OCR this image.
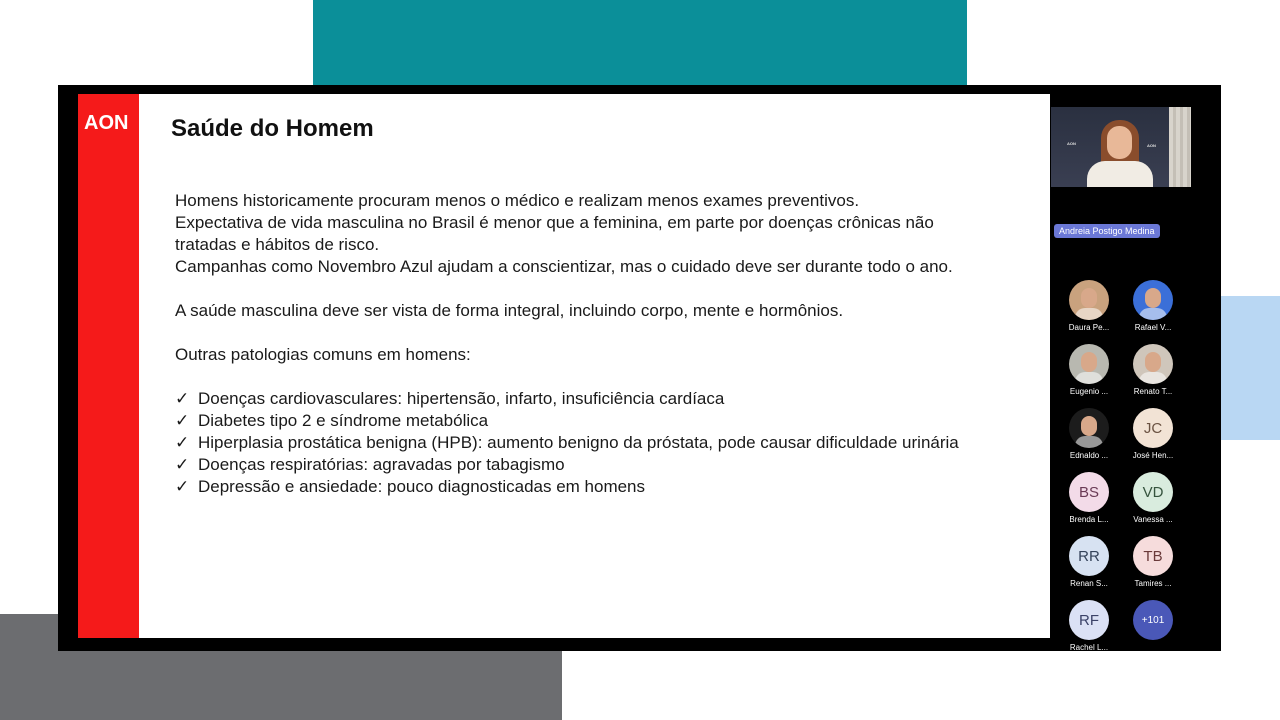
AON Saúde do Homem

Homens historicamente procuram menos o médico e realizam menos exames preventivos.

Expectativa de vida masculina no Brasil é menor que a feminina, em parte por doenças crônicas não tratadas e hábitos de risco.

Campanhas como Novembro Azul ajudam a conscientizar, mas o cuidado deve ser durante todo o ano.

A saúde masculina deve ser vista de forma integral, incluindo corpo, mente e hormônios.

Outras patologias comuns em homens:

✓ Doenças cardiovasculares: hipertensão, infarto, insuficiência cardíaca
✓ Diabetes tipo 2 e síndrome metabólica
✓ Hiperplasia prostática benigna (HPB): aumento benigno da próstata, pode causar dificuldade urinária
✓ Doenças respiratórias: agravadas por tabagismo
✓ Depressão e ansiedade: pouco diagnosticadas em homens
AON	AON
Andreia Postigo Medina
Daura Pe...	Rafael V...
Eugenio ...	Renato T...
Ednaldo ...
JC
José Hen...
BS
Brenda L...
VD
Vanessa ...
RR
Renan S...
TB
Tamires ...
RF
Rachel L...
+101
